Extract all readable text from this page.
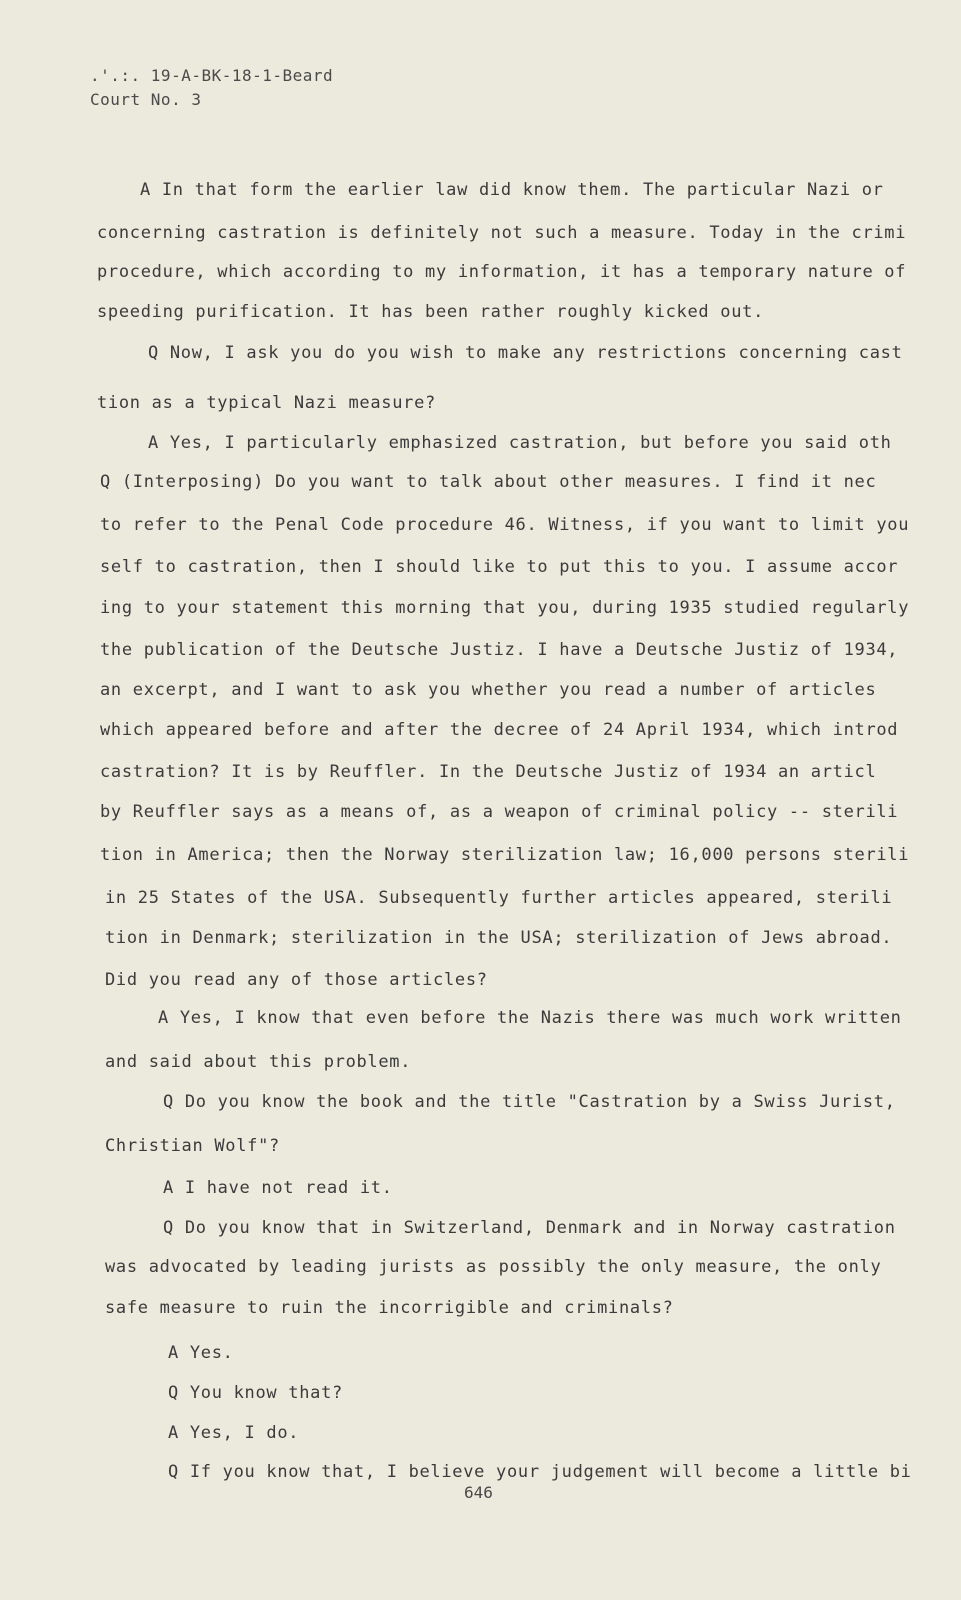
.'.:. 19-A-BK-18-1-Beard
Court No. 3
A In that form the earlier law did know them. The particular Nazi or
concerning castration is definitely not such a measure. Today in the crimi
procedure, which according to my information, it has a temporary nature of
speeding purification. It has been rather roughly kicked out.
Q Now, I ask you do you wish to make any restrictions concerning cast
tion as a typical Nazi measure?
A Yes, I particularly emphasized castration, but before you said oth
Q (Interposing) Do you want to talk about other measures. I find it nec
to refer to the Penal Code procedure 46. Witness, if you want to limit you
self to castration, then I should like to put this to you. I assume accor
ing to your statement this morning that you, during 1935 studied regularly
the publication of the Deutsche Justiz. I have a Deutsche Justiz of 1934,
an excerpt, and I want to ask you whether you read a number of articles
which appeared before and after the decree of 24 April 1934, which introd
castration? It is by Reuffler. In the Deutsche Justiz of 1934 an articl
by Reuffler says as a means of, as a weapon of criminal policy -- sterili
tion in America; then the Norway sterilization law; 16,000 persons sterili
in 25 States of the USA. Subsequently further articles appeared, sterili
tion in Denmark; sterilization in the USA; sterilization of Jews abroad.
Did you read any of those articles?
A Yes, I know that even before the Nazis there was much work written
and said about this problem.
Q Do you know the book and the title "Castration by a Swiss Jurist,
Christian Wolf"?
A I have not read it.
Q Do you know that in Switzerland, Denmark and in Norway castration
was advocated by leading jurists as possibly the only measure, the only
safe measure to ruin the incorrigible and criminals?
A Yes.
Q You know that?
A Yes, I do.
Q If you know that, I believe your judgement will become a little bi
646
